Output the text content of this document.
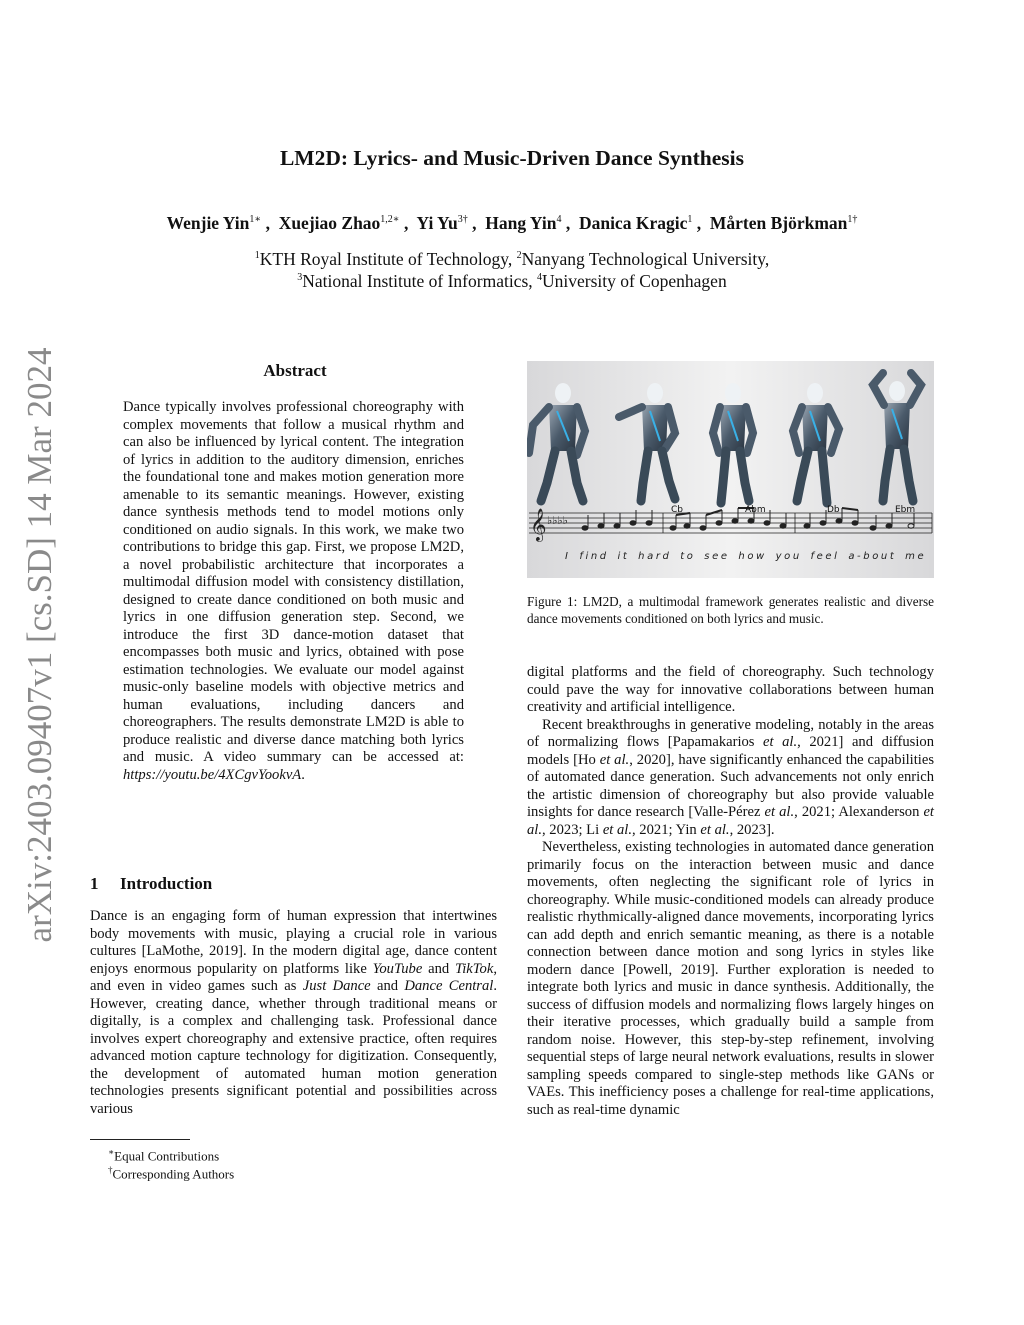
arXiv:2403.09407v1 [cs.SD] 14 Mar 2024
LM2D: Lyrics- and Music-Driven Dance Synthesis
Wenjie Yin$^{1∗}$ ,  Xuejiao Zhao$^{1,2∗}$ ,  Yi $Yu^{3\dagger}$ ,  Hang Yin$^4$ ,  Danica Kragic$^1$ ,  Mårten Björkman$^{1\dagger}$
$^1$KTH Royal Institute of Technology, $^2$Nanyang Technological University,
$^3$National Institute of Informatics, $^4$University of Copenhagen
Abstract
Dance typically involves professional choreography with complex movements that follow a musical rhythm and can also be influenced by lyrical content. The integration of lyrics in addition to the auditory dimension, enriches the foundational tone and makes motion generation more amenable to its semantic meanings. However, existing dance synthesis methods tend to model motions only conditioned on audio signals. In this work, we make two contributions to bridge this gap. First, we propose LM2D, a novel probabilistic architecture that incorporates a multimodal diffusion model with consistency distillation, designed to create dance conditioned on both music and lyrics in one diffusion generation step. Second, we introduce the first 3D dance-motion dataset that encompasses both music and lyrics, obtained with pose estimation technologies. We evaluate our model against music-only baseline models with objective metrics and human evaluations, including dancers and choreographers. The results demonstrate LM2D is able to produce realistic and diverse dance matching both lyrics and music. A video summary can be accessed at: https://youtu.be/4XCgvYookvA.
1 Introduction
Dance is an engaging form of human expression that intertwines body movements with music, playing a crucial role in various cultures [LaMothe, 2019]. In the modern digital age, dance content enjoys enormous popularity on platforms like YouTube and TikTok, and even in video games such as Just Dance and Dance Central. However, creating dance, whether through traditional means or digitally, is a complex and challenging task. Professional dance involves expert choreography and extensive practice, often requires advanced motion capture technology for digitization. Consequently, the development of automated human motion generation technologies presents significant potential and possibilities across various
∗Equal Contributions
†Corresponding Authors
𝄞 ♭♭♭♭
Cb	Abm	Db	Ebm
I find it hard to see how you feel a-bout me
Figure 1: LM2D, a multimodal framework generates realistic and diverse dance movements conditioned on both lyrics and music.

digital platforms and the field of choreography. Such technology could pave the way for innovative collaborations between human creativity and artificial intelligence.

Recent breakthroughs in generative modeling, notably in the areas of normalizing flows [Papamakarios et al., 2021] and diffusion models [Ho et al., 2020], have significantly enhanced the capabilities of automated dance generation. Such advancements not only enrich the artistic dimension of choreography but also provide valuable insights for dance research [Valle-Pérez et al., 2021; Alexanderson et al., 2023; Li et al., 2021; Yin et al., 2023].

Nevertheless, existing technologies in automated dance generation primarily focus on the interaction between music and dance movements, often neglecting the significant role of lyrics in choreography. While music-conditioned models can already produce realistic rhythmically-aligned dance movements, incorporating lyrics can add depth and enrich semantic meaning, as there is a notable connection between dance motion and song lyrics in styles like modern dance [Powell, 2019]. Further exploration is needed to integrate both lyrics and music in dance synthesis. Additionally, the success of diffusion models and normalizing flows largely hinges on their iterative processes, which gradually build a sample from random noise. However, this step-by-step refinement, involving sequential steps of large neural network evaluations, results in slower sampling speeds compared to single-step methods like GANs or VAEs. This inefficiency poses a challenge for real-time applications, such as real-time dynamic
